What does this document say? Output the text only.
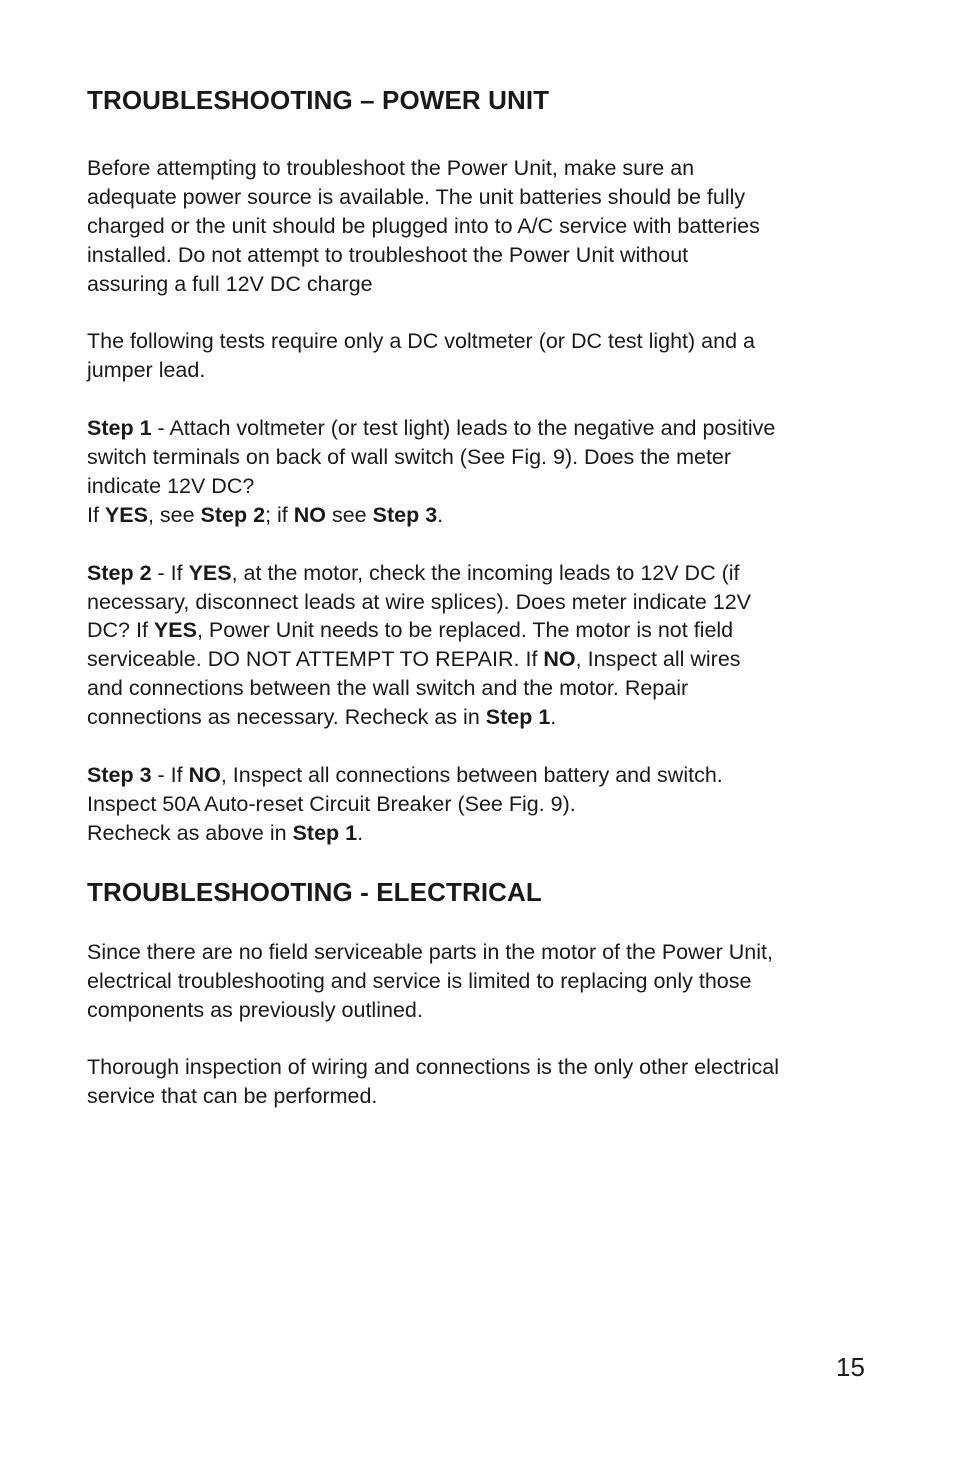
TROUBLESHOOTING – POWER UNIT

Before attempting to troubleshoot the Power Unit, make sure an
adequate power source is available. The unit batteries should be fully
charged or the unit should be plugged into to A/C service with batteries
installed. Do not attempt to troubleshoot the Power Unit without
assuring a full 12V DC charge

The following tests require only a DC voltmeter (or DC test light) and a
jumper lead.

Step 1 - Attach voltmeter (or test light) leads to the negative and positive
switch terminals on back of wall switch (See Fig. 9). Does the meter
indicate 12V DC?
If YES, see Step 2; if NO see Step 3.

Step 2 - If YES, at the motor, check the incoming leads to 12V DC (if
necessary, disconnect leads at wire splices). Does meter indicate 12V
DC? If YES, Power Unit needs to be replaced. The motor is not field
serviceable. DO NOT ATTEMPT TO REPAIR. If NO, Inspect all wires
and connections between the wall switch and the motor. Repair
connections as necessary. Recheck as in Step 1.

Step 3 - If NO, Inspect all connections between battery and switch.
Inspect 50A Auto-reset Circuit Breaker (See Fig. 9).
Recheck as above in Step 1.

TROUBLESHOOTING - ELECTRICAL

Since there are no field serviceable parts in the motor of the Power Unit,
electrical troubleshooting and service is limited to replacing only those
components as previously outlined.

Thorough inspection of wiring and connections is the only other electrical
service that can be performed.

15
